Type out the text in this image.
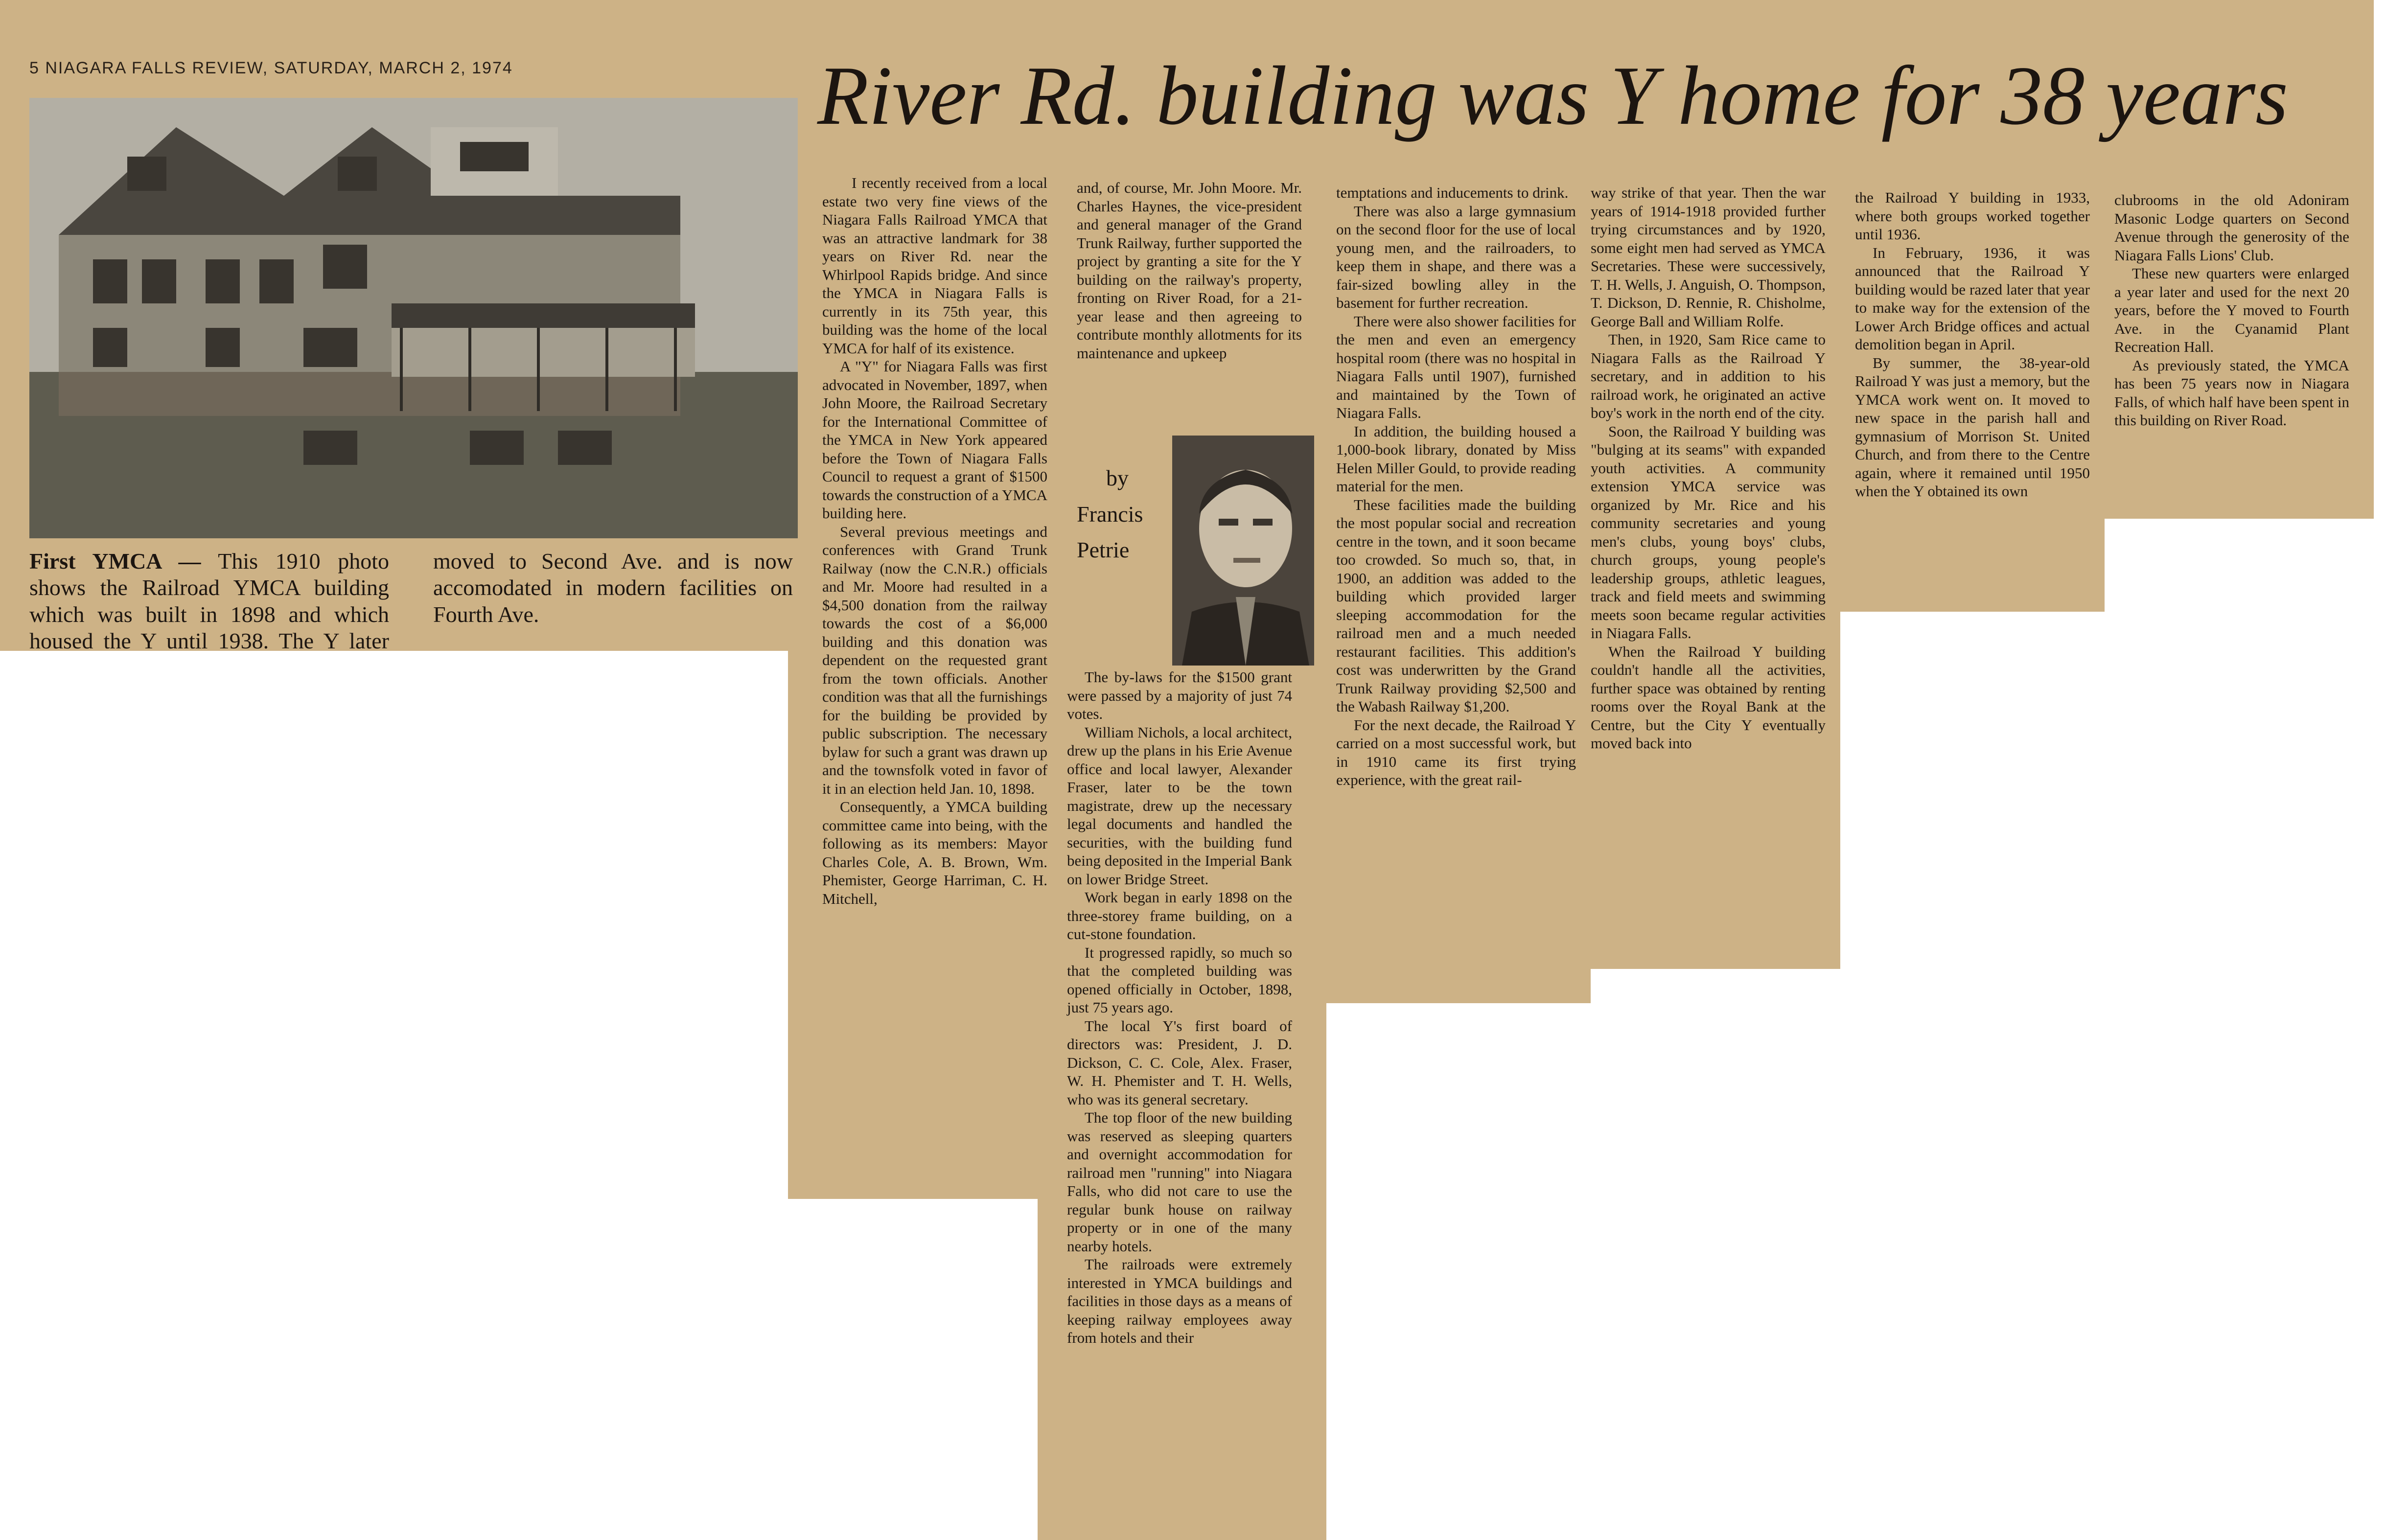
5 NIAGARA FALLS REVIEW, SATURDAY, MARCH 2, 1974	River Rd. building was Y home for 38 years
First YMCA — This 1910 photo shows the Railroad YMCA building which was built in 1898 and which housed the Y until 1938. The Y later moved to Second Ave. and is now accomodated in modern facilities on Fourth Ave.

I recently received from a local estate two very fine views of the Niagara Falls Railroad YMCA that was an attractive landmark for 38 years on River Rd. near the Whirlpool Rapids bridge. And since the YMCA in Niagara Falls is currently in its 75th year, this building was the home of the local YMCA for half of its existence.

A "Y" for Niagara Falls was first advocated in November, 1897, when John Moore, the Railroad Secretary for the International Committee of the YMCA in New York appeared before the Town of Niagara Falls Council to request a grant of $1500 towards the construction of a YMCA building here.

Several previous meetings and conferences with Grand Trunk Railway (now the C.N.R.) officials and Mr. Moore had resulted in a $4,500 donation from the railway towards the cost of a $6,000 building and this donation was dependent on the requested grant from the town officials. Another condition was that all the furnishings for the building be provided by public subscription. The necessary bylaw for such a grant was drawn up and the townsfolk voted in favor of it in an election held Jan. 10, 1898.

Consequently, a YMCA building committee came into being, with the following as its members: Mayor Charles Cole, A. B. Brown, Wm. Phemister, George Harriman, C. H. Mitchell,

and, of course, Mr. John Moore. Mr. Charles Haynes, the vice-president and general manager of the Grand Trunk Railway, further supported the project by granting a site for the Y building on the railway's property, fronting on River Road, for a 21-year lease and then agreeing to contribute monthly allotments for its maintenance and upkeep

by
Francis
Petrie

The by-laws for the $1500 grant were passed by a majority of just 74 votes.

William Nichols, a local architect, drew up the plans in his Erie Avenue office and local lawyer, Alexander Fraser, later to be the town magistrate, drew up the necessary legal documents and handled the securities, with the building fund being deposited in the Imperial Bank on lower Bridge Street.

Work began in early 1898 on the three-storey frame building, on a cut-stone foundation.

It progressed rapidly, so much so that the completed building was opened officially in October, 1898, just 75 years ago.

The local Y's first board of directors was: President, J. D. Dickson, C. C. Cole, Alex. Fraser, W. H. Phemister and T. H. Wells, who was its general secretary.

The top floor of the new building was reserved as sleeping quarters and overnight accommodation for railroad men "running" into Niagara Falls, who did not care to use the regular bunk house on railway property or in one of the many nearby hotels.

The railroads were extremely interested in YMCA buildings and facilities in those days as a means of keeping railway employees away from hotels and their

temptations and inducements to drink.

There was also a large gymnasium on the second floor for the use of local young men, and the railroaders, to keep them in shape, and there was a fair-sized bowling alley in the basement for further recreation.

There were also shower facilities for the men and even an emergency hospital room (there was no hospital in Niagara Falls until 1907), furnished and maintained by the Town of Niagara Falls.

In addition, the building housed a 1,000-book library, donated by Miss Helen Miller Gould, to provide reading material for the men.

These facilities made the building the most popular social and recreation centre in the town, and it soon became too crowded. So much so, that, in 1900, an addition was added to the building which provided larger sleeping accommodation for the railroad men and a much needed restaurant facilities. This addition's cost was underwritten by the Grand Trunk Railway providing $2,500 and the Wabash Railway $1,200.

For the next decade, the Railroad Y carried on a most successful work, but in 1910 came its first trying experience, with the great rail-

way strike of that year. Then the war years of 1914-1918 provided further trying circumstances and by 1920, some eight men had served as YMCA Secretaries. These were successively, T. H. Wells, J. Anguish, O. Thompson, T. Dickson, D. Rennie, R. Chisholme, George Ball and William Rolfe.

Then, in 1920, Sam Rice came to Niagara Falls as the Railroad Y secretary, and in addition to his railroad work, he originated an active boy's work in the north end of the city.

Soon, the Railroad Y building was "bulging at its seams" with expanded youth activities. A community extension YMCA service was organized by Mr. Rice and his community secretaries and young men's clubs, young boys' clubs, church groups, young people's leadership groups, athletic leagues, track and field meets and swimming meets soon became regular activities in Niagara Falls.

When the Railroad Y building couldn't handle all the activities, further space was obtained by renting rooms over the Royal Bank at the Centre, but the City Y eventually moved back into

the Railroad Y building in 1933, where both groups worked together until 1936.

In February, 1936, it was announced that the Railroad Y building would be razed later that year to make way for the extension of the Lower Arch Bridge offices and actual demolition began in April.

By summer, the 38-year-old Railroad Y was just a memory, but the YMCA work went on. It moved to new space in the parish hall and gymnasium of Morrison St. United Church, and from there to the Centre again, where it remained until 1950 when the Y obtained its own

clubrooms in the old Adoniram Masonic Lodge quarters on Second Avenue through the generosity of the Niagara Falls Lions' Club.

These new quarters were enlarged a year later and used for the next 20 years, before the Y moved to Fourth Ave. in the Cyanamid Plant Recreation Hall.

As previously stated, the YMCA has been 75 years now in Niagara Falls, of which half have been spent in this building on River Road.
